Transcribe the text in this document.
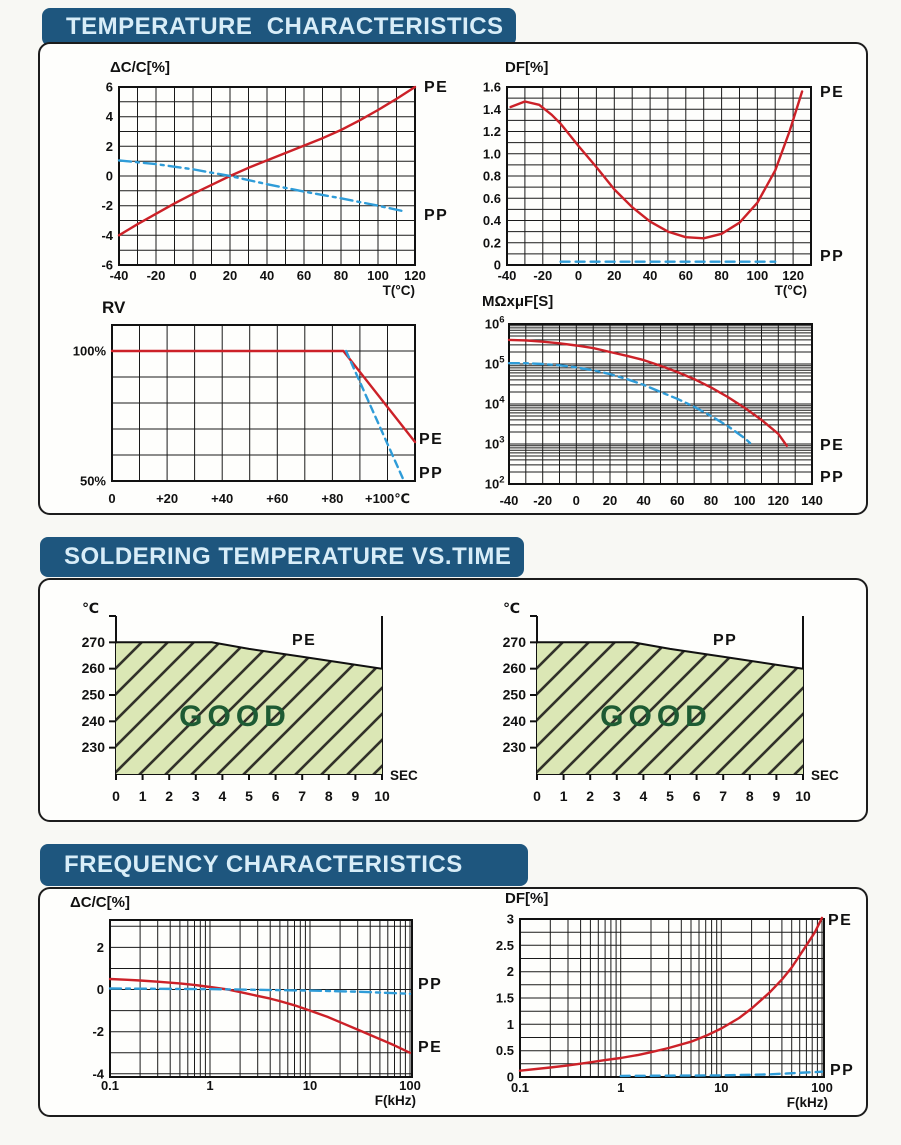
TEMPERATURE  CHARACTERISTICS
ΔC/C[%]
PE
PP
-40 -20 0 20 40 60 80 100 120
6
4
2
0
-2
-4
-6
T(°C)
DF[%]
PE
PP
-40 -20 0 20 40 60 80 100 120
1.6
1.4
1.2
1.0
0.8
0.6
0.4
0.2
0
T(°C)
RV
PE
PP
0	+20	+40	+60	+80 +100℃
100%
50%
MΩxμF[S]
PE
PP
-40 -20 0 20 40 60 80 100 120 140
$10^6$
$10^5$
$10^4$
$10^3$
$10^2$
SOLDERING TEMPERATURE VS.TIME
℃
GOOD
PE
0 1 2 3 4 5 6 7 8 9 10
270
260
250
240
230
SEC
℃
GOOD
PP
0 1 2 3 4 5 6 7 8 9 10
270
260
250
240
230
SEC
FREQUENCY CHARACTERISTICS
ΔC/C[%]
PE
PP
0.1	1	10	100
2
0
-2
-4
F(kHz)
DF[%]
PE
PP
0.1	1	10	100
3
2.5
2
1.5
1
0.5
0
F(kHz)
